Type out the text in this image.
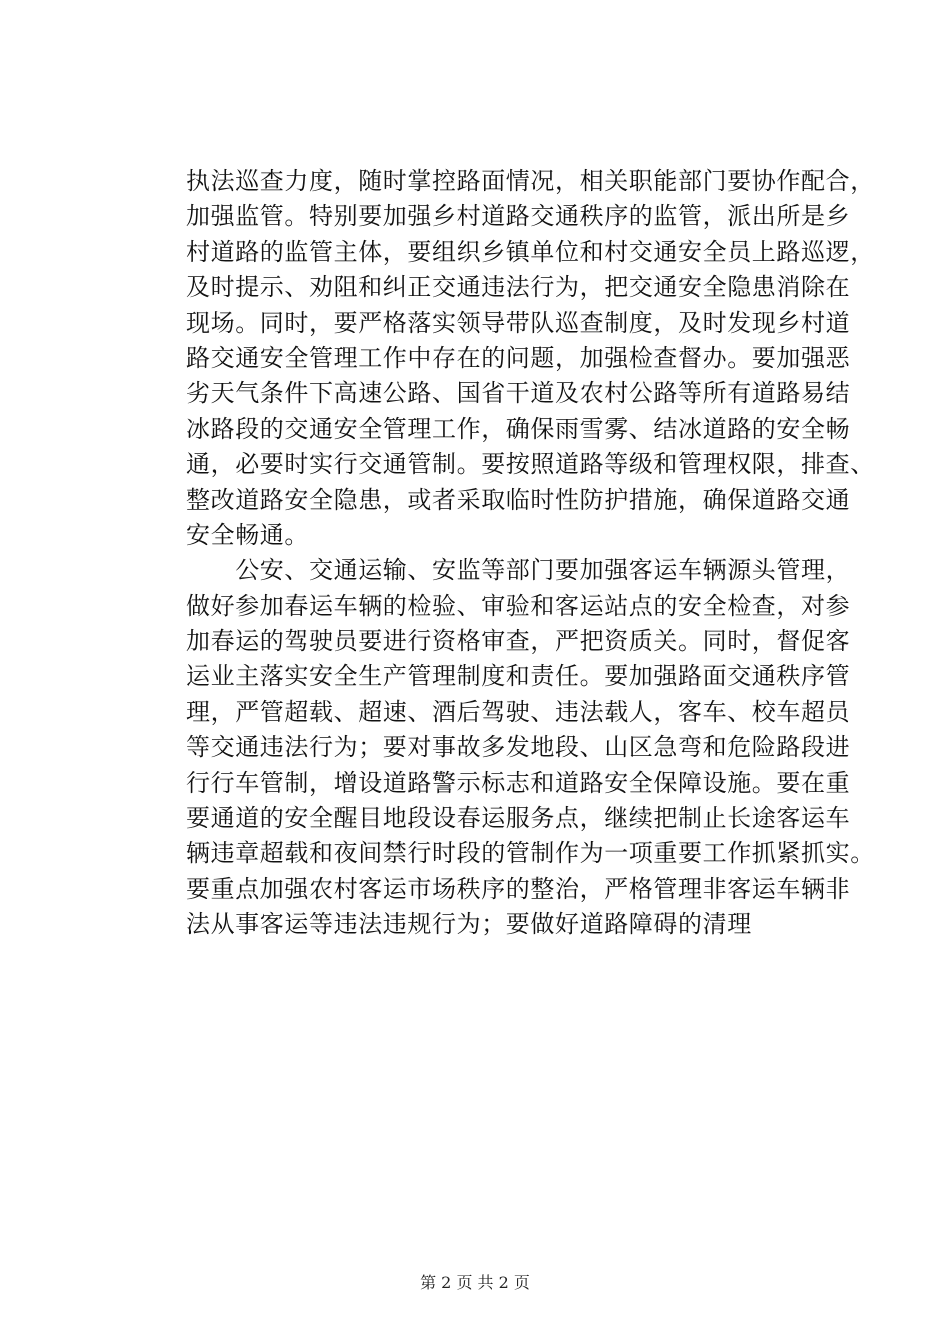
执法巡查力度，随时掌控路面情况，相关职能部门要协作配合，
加强监管。特别要加强乡村道路交通秩序的监管，派出所是乡
村道路的监管主体，要组织乡镇单位和村交通安全员上路巡逻，
及时提示、劝阻和纠正交通违法行为，把交通安全隐患消除在
现场。同时，要严格落实领导带队巡查制度，及时发现乡村道
路交通安全管理工作中存在的问题，加强检查督办。要加强恶
劣天气条件下高速公路、国省干道及农村公路等所有道路易结
冰路段的交通安全管理工作，确保雨雪雾、结冰道路的安全畅
通，必要时实行交通管制。要按照道路等级和管理权限，排查、
整改道路安全隐患，或者采取临时性防护措施，确保道路交通
安全畅通。
　　公安、交通运输、安监等部门要加强客运车辆源头管理，
做好参加春运车辆的检验、审验和客运站点的安全检查，对参
加春运的驾驶员要进行资格审查，严把资质关。同时，督促客
运业主落实安全生产管理制度和责任。要加强路面交通秩序管
理，严管超载、超速、酒后驾驶、违法载人，客车、校车超员
等交通违法行为；要对事故多发地段、山区急弯和危险路段进
行行车管制，增设道路警示标志和道路安全保障设施。要在重
要通道的安全醒目地段设春运服务点，继续把制止长途客运车
辆违章超载和夜间禁行时段的管制作为一项重要工作抓紧抓实。
要重点加强农村客运市场秩序的整治，严格管理非客运车辆非
法从事客运等违法违规行为；要做好道路障碍的清理
第 2 页 共 2 页
